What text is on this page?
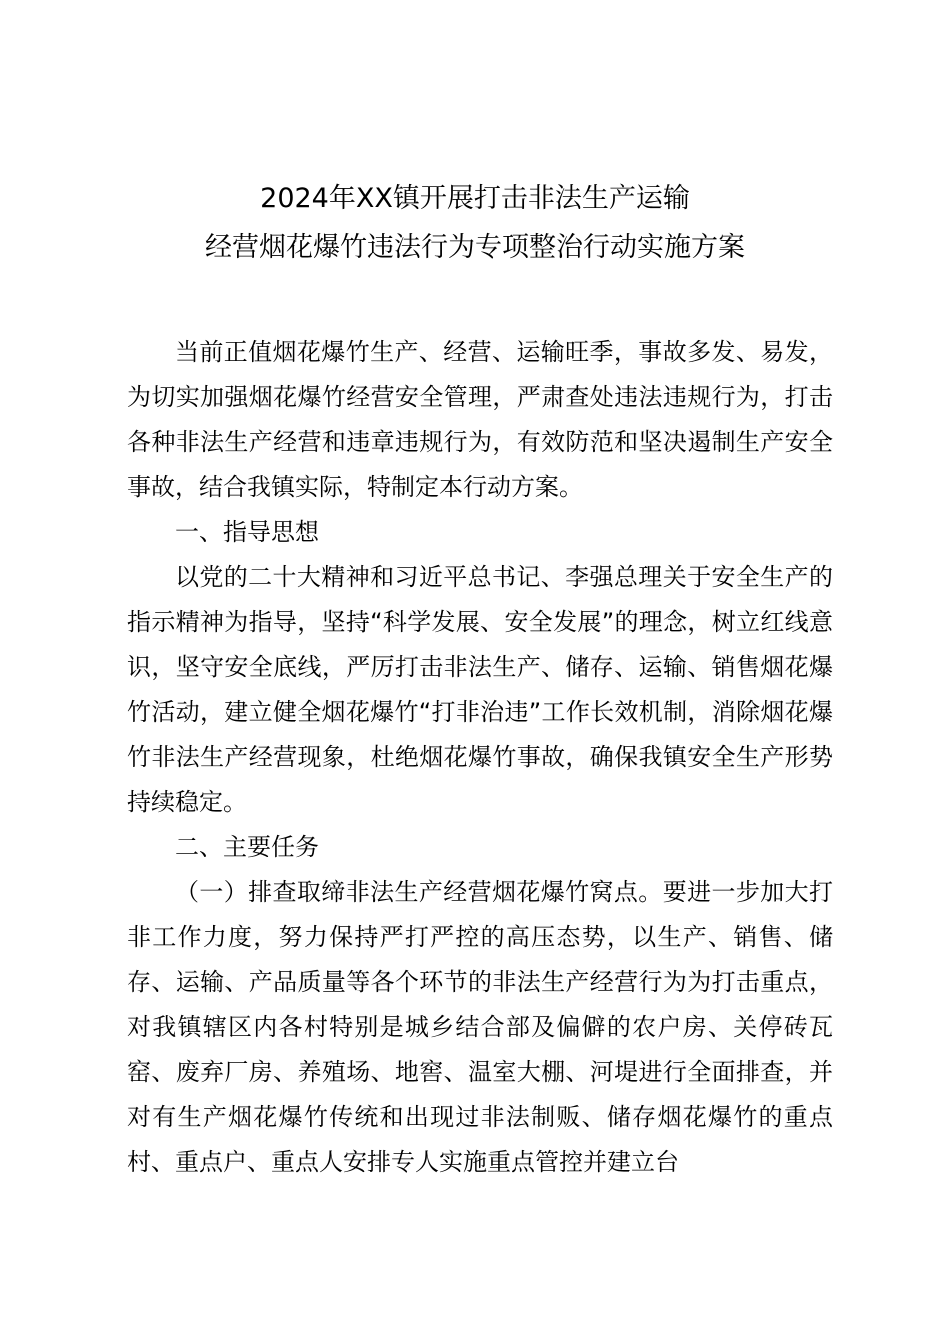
2024年XX镇开展打击非法生产运输
经营烟花爆竹违法行为专项整治行动实施方案

当前正值烟花爆竹生产、经营、运输旺季，事故多发、易发，为切实加强烟花爆竹经营安全管理，严肃查处违法违规行为，打击各种非法生产经营和违章违规行为，有效防范和坚决遏制生产安全事故，结合我镇实际，特制定本行动方案。

一、指导思想

以党的二十大精神和习近平总书记、李强总理关于安全生产的指示精神为指导，坚持“科学发展、安全发展”的理念，树立红线意识，坚守安全底线，严厉打击非法生产、储存、运输、销售烟花爆竹活动，建立健全烟花爆竹“打非治违”工作长效机制，消除烟花爆竹非法生产经营现象，杜绝烟花爆竹事故，确保我镇安全生产形势持续稳定。

二、主要任务

（一）排查取缔非法生产经营烟花爆竹窝点。要进一步加大打非工作力度，努力保持严打严控的高压态势，以生产、销售、储存、运输、产品质量等各个环节的非法生产经营行为为打击重点，对我镇辖区内各村特别是城乡结合部及偏僻的农户房、关停砖瓦窑、废弃厂房、养殖场、地窖、温室大棚、河堤进行全面排查，并对有生产烟花爆竹传统和出现过非法制贩、储存烟花爆竹的重点村、重点户、重点人安排专人实施重点管控并建立台
